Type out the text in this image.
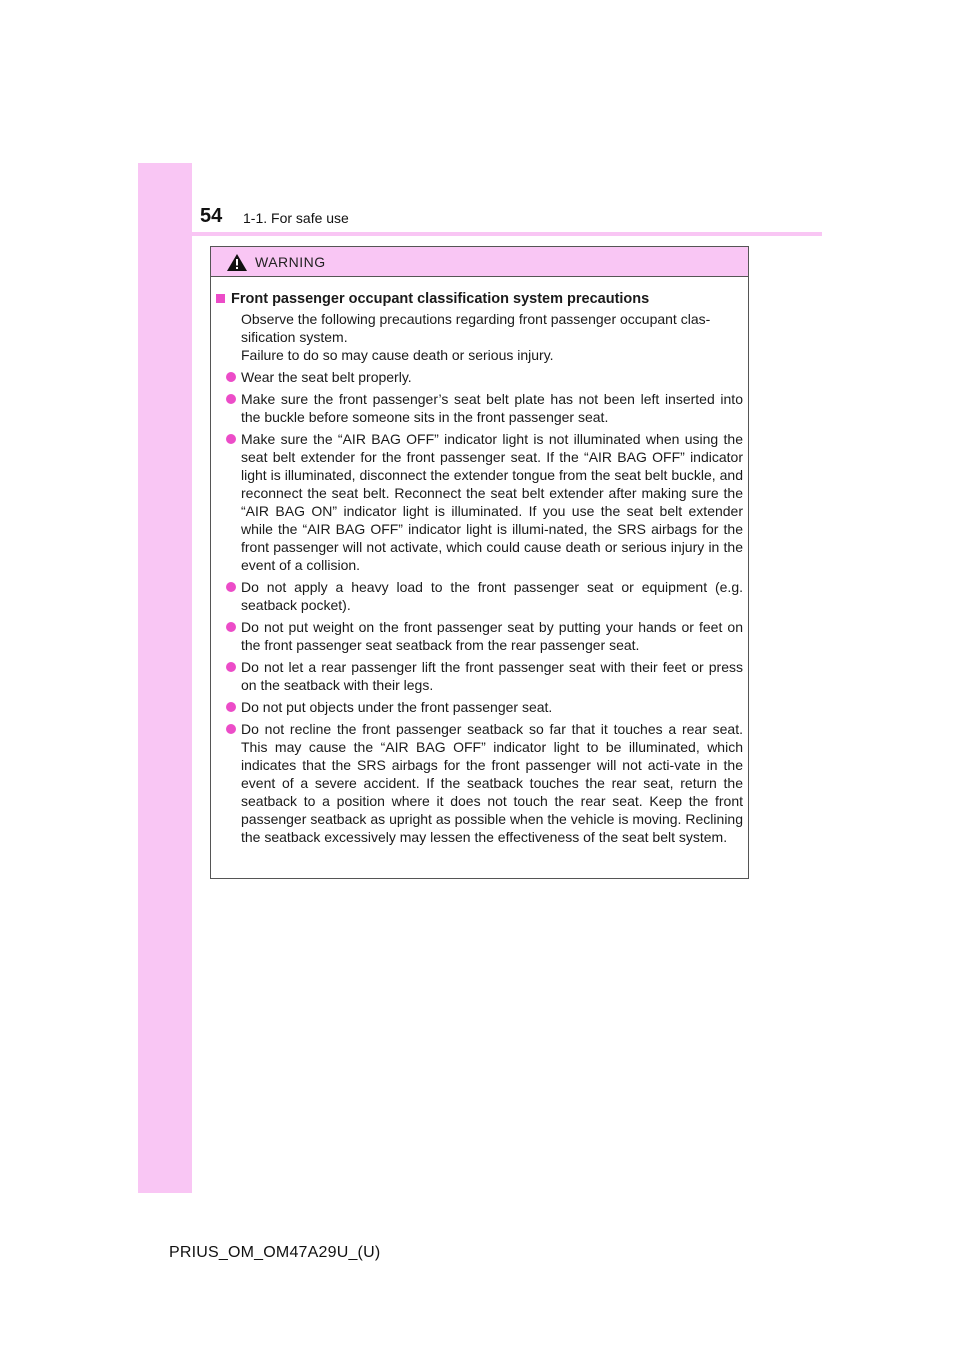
54 1-1. For safe use
WARNING
Front passenger occupant classification system precautions

Observe the following precautions regarding front passenger occupant clas-sification system.

Failure to do so may cause death or serious injury.

Wear the seat belt properly.
Make sure the front passenger’s seat belt plate has not been left inserted into the buckle before someone sits in the front passenger seat.
Make sure the “AIR BAG OFF” indicator light is not illuminated when using the seat belt extender for the front passenger seat. If the “AIR BAG OFF” indicator light is illuminated, disconnect the extender tongue from the seat belt buckle, and reconnect the seat belt. Reconnect the seat belt extender after making sure the “AIR BAG ON” indicator light is illuminated. If you use the seat belt extender while the “AIR BAG OFF” indicator light is illumi-nated, the SRS airbags for the front passenger will not activate, which could cause death or serious injury in the event of a collision.
Do not apply a heavy load to the front passenger seat or equipment (e.g. seatback pocket).
Do not put weight on the front passenger seat by putting your hands or feet on the front passenger seat seatback from the rear passenger seat.
Do not let a rear passenger lift the front passenger seat with their feet or press on the seatback with their legs.
Do not put objects under the front passenger seat.
Do not recline the front passenger seatback so far that it touches a rear seat. This may cause the “AIR BAG OFF” indicator light to be illuminated, which indicates that the SRS airbags for the front passenger will not acti-vate in the event of a severe accident. If the seatback touches the rear seat, return the seatback to a position where it does not touch the rear seat. Keep the front passenger seatback as upright as possible when the vehicle is moving. Reclining the seatback excessively may lessen the effectiveness of the seat belt system.
PRIUS_OM_OM47A29U_(U)
